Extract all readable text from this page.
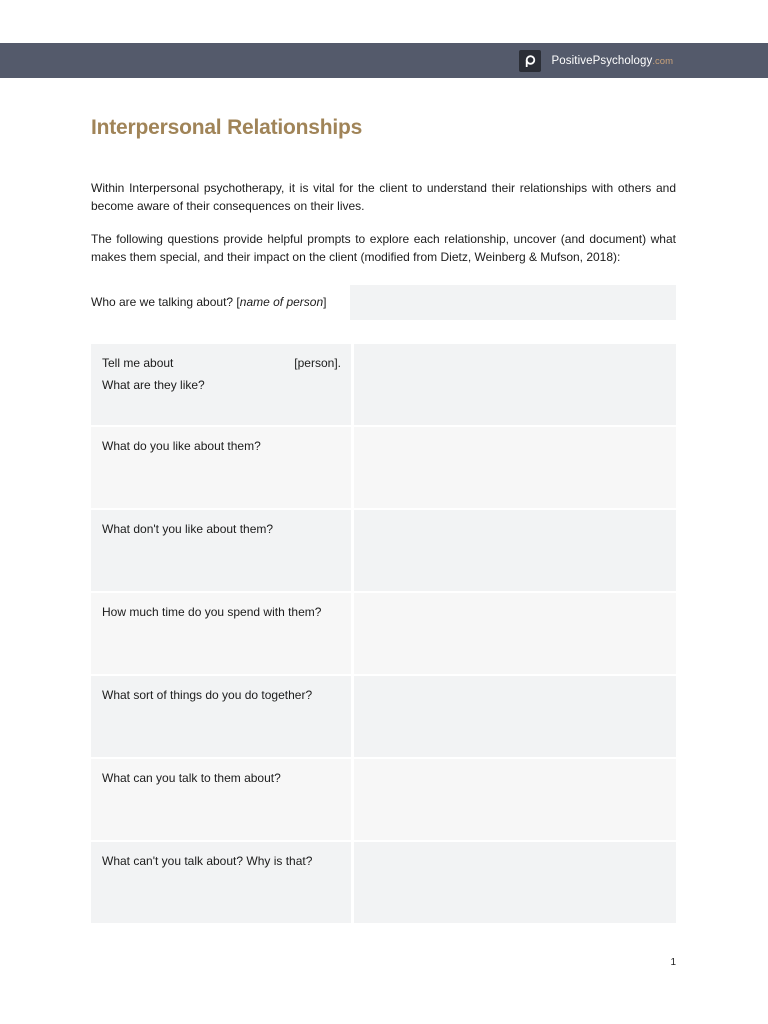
PositivePsychology .com
Interpersonal Relationships

Within Interpersonal psychotherapy, it is vital for the client to understand their relationships with others and become aware of their consequences on their lives.

The following questions provide helpful prompts to explore each relationship, uncover (and document) what makes them special, and their impact on the client (modified from Dietz, Weinberg & Mufson, 2018):

Who are we talking about? [name of person]
Tell me about	[person].
What are they like?
What do you like about them?
What don't you like about them?
How much time do you spend with them?
What sort of things do you do together?
What can you talk to them about?
What can't you talk about? Why is that?
1
